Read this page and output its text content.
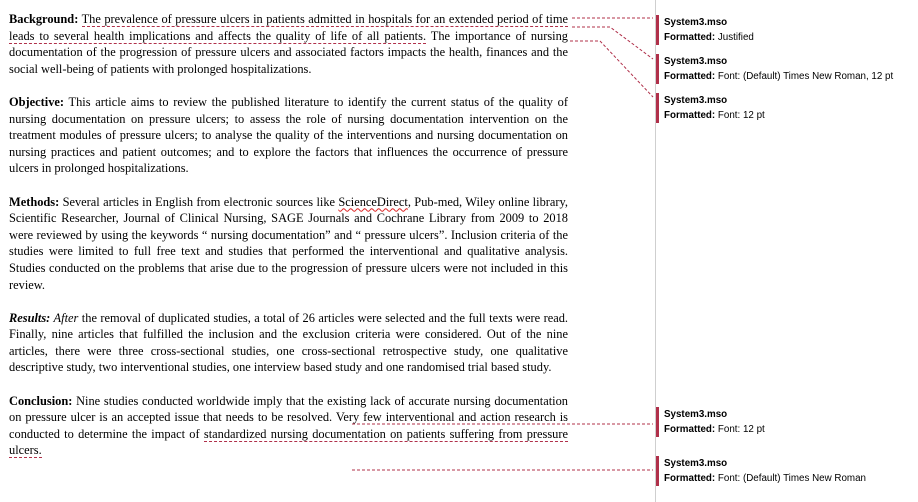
Background: The prevalence of pressure ulcers in patients admitted in hospitals for an extended period of time leads to several health implications and affects the quality of life of all patients. The importance of nursing documentation of the progression of pressure ulcers and associated factors impacts the health, finances and the social well-being of patients with prolonged hospitalizations.

Objective: This article aims to review the published literature to identify the current status of the quality of nursing documentation on pressure ulcers; to assess the role of nursing documentation intervention on the treatment modules of pressure ulcers; to analyse the quality of the interventions and nursing documentation on nursing practices and patient outcomes; and to explore the factors that influences the occurrence of pressure ulcers in prolonged hospitalizations.

Methods: Several articles in English from electronic sources like ScienceDirect, Pub-med, Wiley online library, Scientific Researcher, Journal of Clinical Nursing, SAGE Journals and Cochrane Library from 2009 to 2018 were reviewed by using the keywords “ nursing documentation” and “ pressure ulcers”. Inclusion criteria of the studies were limited to full free text and studies that performed the interventional and qualitative analysis. Studies conducted on the problems that arise due to the progression of pressure ulcers were not included in this review.

Results: After the removal of duplicated studies, a total of 26 articles were selected and the full texts were read. Finally, nine articles that fulfilled the inclusion and the exclusion criteria were considered. Out of the nine articles, there were three cross-sectional studies, one cross-sectional retrospective study, one qualitative descriptive study, two interventional studies, one interview based study and one randomised trial based study.

Conclusion: Nine studies conducted worldwide imply that the existing lack of accurate nursing documentation on pressure ulcer is an accepted issue that needs to be resolved. Very few interventional and action research is conducted to determine the impact of standardized nursing documentation on patients suffering from pressure ulcers.

System3.mso
Formatted: Justified
System3.mso
Formatted: Font: (Default) Times New Roman, 12 pt
System3.mso
Formatted: Font: 12 pt
System3.mso
Formatted: Font: 12 pt
System3.mso
Formatted: Font: (Default) Times New Roman
